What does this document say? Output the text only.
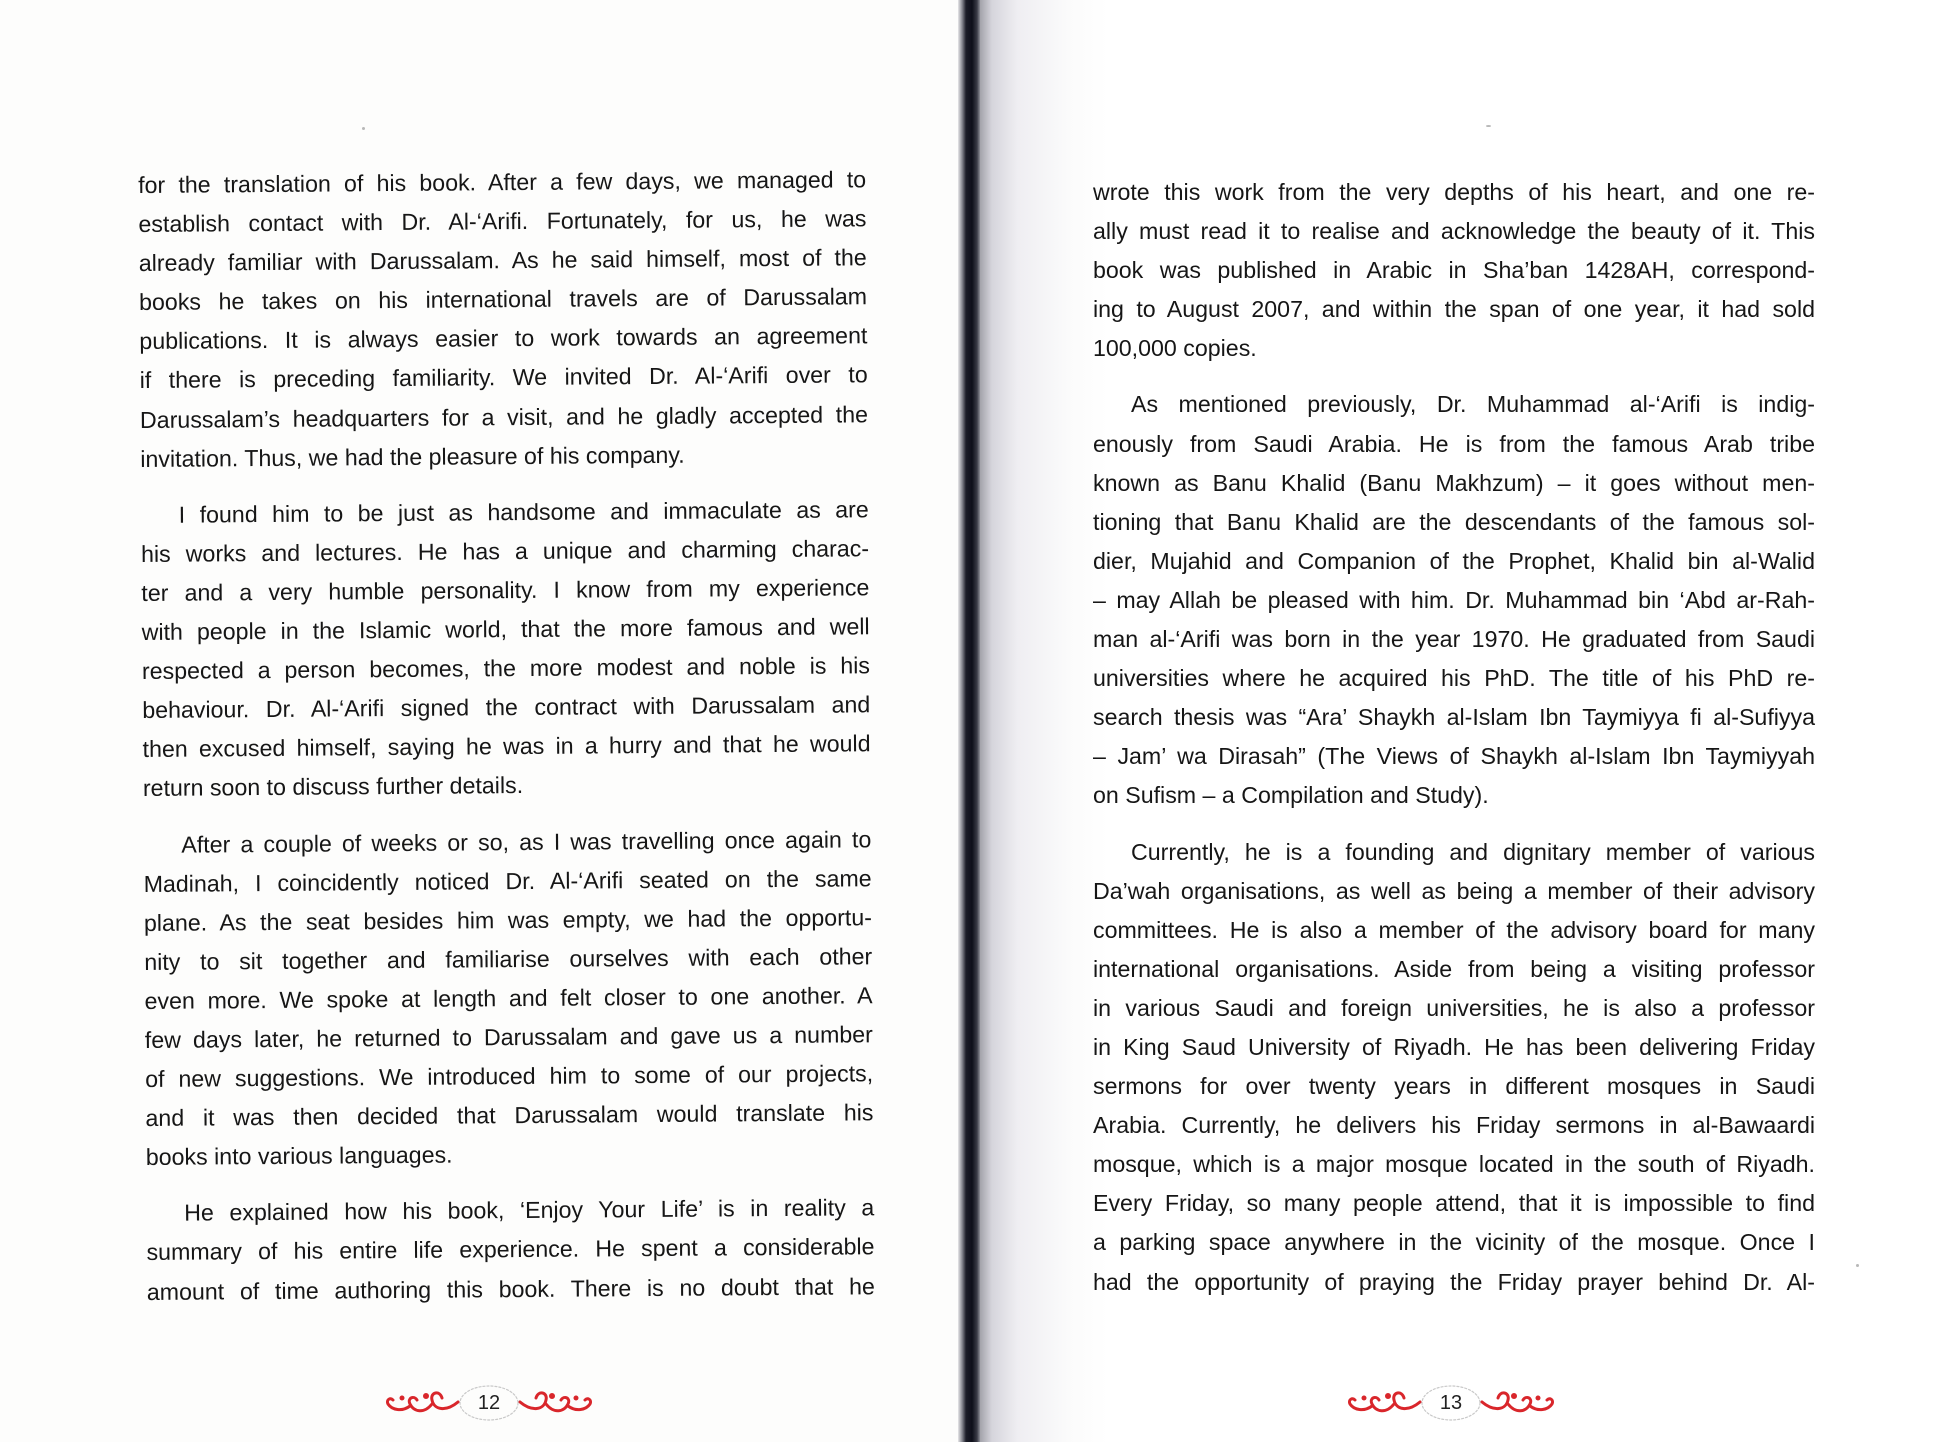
for the translation of his book. After a few days, we managed to
establish contact with Dr. Al-‘Arifi. Fortunately, for us, he was
already familiar with Darussalam. As he said himself, most of the
books he takes on his international travels are of Darussalam
publications. It is always easier to work towards an agreement
if there is preceding familiarity. We invited Dr. Al-‘Arifi over to
Darussalam’s headquarters for a visit, and he gladly accepted the
invitation. Thus, we had the pleasure of his company.
I found him to be just as handsome and immaculate as are
his works and lectures. He has a unique and charming charac-
ter and a very humble personality. I know from my experience
with people in the Islamic world, that the more famous and well
respected a person becomes, the more modest and noble is his
behaviour. Dr. Al-‘Arifi signed the contract with Darussalam and
then excused himself, saying he was in a hurry and that he would
return soon to discuss further details.
After a couple of weeks or so, as I was travelling once again to
Madinah, I coincidently noticed Dr. Al-‘Arifi seated on the same
plane. As the seat besides him was empty, we had the opportu-
nity to sit together and familiarise ourselves with each other
even more. We spoke at length and felt closer to one another. A
few days later, he returned to Darussalam and gave us a number
of new suggestions. We introduced him to some of our projects,
and it was then decided that Darussalam would translate his
books into various languages.
He explained how his book, ‘Enjoy Your Life’ is in reality a
summary of his entire life experience. He spent a considerable
amount of time authoring this book. There is no doubt that he
wrote this work from the very depths of his heart, and one re-
ally must read it to realise and acknowledge the beauty of it. This
book was published in Arabic in Sha’ban 1428AH, correspond-
ing to August 2007, and within the span of one year, it had sold
100,000 copies.
As mentioned previously, Dr. Muhammad al-‘Arifi is indig-
enously from Saudi Arabia. He is from the famous Arab tribe
known as Banu Khalid (Banu Makhzum) – it goes without men-
tioning that Banu Khalid are the descendants of the famous sol-
dier, Mujahid and Companion of the Prophet, Khalid bin al-Walid
– may Allah be pleased with him. Dr. Muhammad bin ‘Abd ar-Rah-
man al-‘Arifi was born in the year 1970. He graduated from Saudi
universities where he acquired his PhD. The title of his PhD re-
search thesis was “Ara’ Shaykh al-Islam Ibn Taymiyya fi al-Sufiyya
– Jam’ wa Dirasah” (The Views of Shaykh al-Islam Ibn Taymiyyah
on Sufism – a Compilation and Study).
Currently, he is a founding and dignitary member of various
Da’wah organisations, as well as being a member of their advisory
committees. He is also a member of the advisory board for many
international organisations. Aside from being a visiting professor
in various Saudi and foreign universities, he is also a professor
in King Saud University of Riyadh. He has been delivering Friday
sermons for over twenty years in different mosques in Saudi
Arabia. Currently, he delivers his Friday sermons in al-Bawaardi
mosque, which is a major mosque located in the south of Riyadh.
Every Friday, so many people attend, that it is impossible to find
a parking space anywhere in the vicinity of the mosque. Once I
had the opportunity of praying the Friday prayer behind Dr. Al-
12	13
